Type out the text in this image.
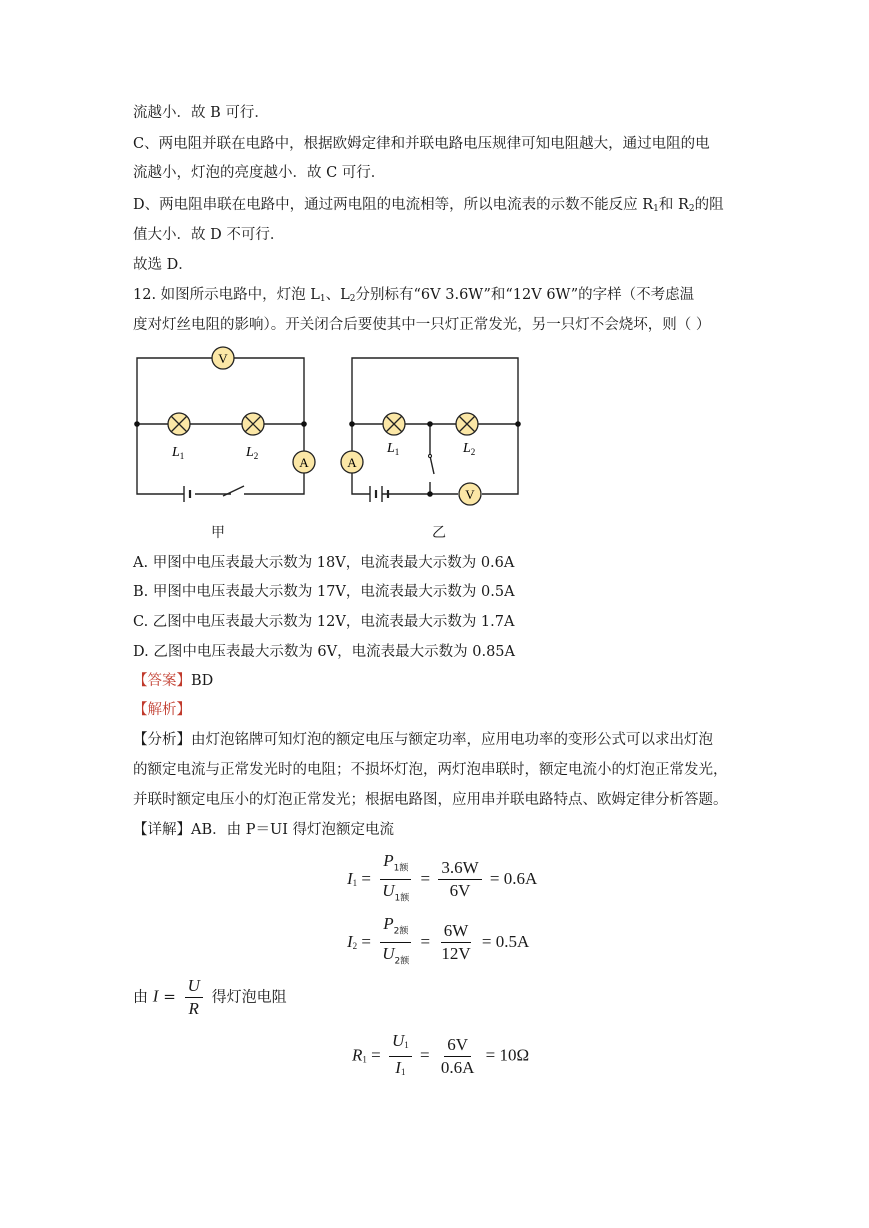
流越小．故 B 可行．
C、两电阻并联在电路中，根据欧姆定律和并联电路电压规律可知电阻越大，通过电阻的电
流越小，灯泡的亮度越小．故 C 可行．
D、两电阻串联在电路中，通过两电阻的电流相等，所以电流表的示数不能反应 $R_1$和 $R_2$的阻
值大小．故 D 不可行．
故选 D．
12. 如图所示电路中，灯泡 $L_1$、$L_2$分别标有“6V 3.6W”和“12V 6W”的字样（不考虑温
度对灯丝电阻的影响）。开关闭合后要使其中一只灯正常发光，另一只灯不会烧坏，则（ ）
V
A	A
V
$L_1$	$L_2$	$L_1$	$L_2$
甲	乙
A. 甲图中电压表最大示数为 18V，电流表最大示数为 0.6A
B. 甲图中电压表最大示数为 17V，电流表最大示数为 0.5A
C. 乙图中电压表最大示数为 12V，电流表最大示数为 1.7A
D. 乙图中电压表最大示数为 6V，电流表最大示数为 0.85A
【答案】BD
【解析】
【分析】由灯泡铭牌可知灯泡的额定电压与额定功率，应用电功率的变形公式可以求出灯泡
的额定电流与正常发光时的电阻；不损坏灯泡，两灯泡串联时，额定电流小的灯泡正常发光，
并联时额定电压小的灯泡正常发光；根据电路图，应用串并联电路特点、欧姆定律分析答题。
【详解】AB．由 P＝UI 得灯泡额定电流
$I_1 = \frac{P_{1额}}{U_{1额}} = \frac{3.6W}{6V} = 0.6A$
$I_2 = \frac{P_{2额}}{U_{2额}} = \frac{6W}{12V} = 0.5A$
由 $I = \frac{U}{R}$ 得灯泡电阻
$R_1 = \frac{U_1}{I_1} = \frac{6V}{0.6A} = 10\Omega$
